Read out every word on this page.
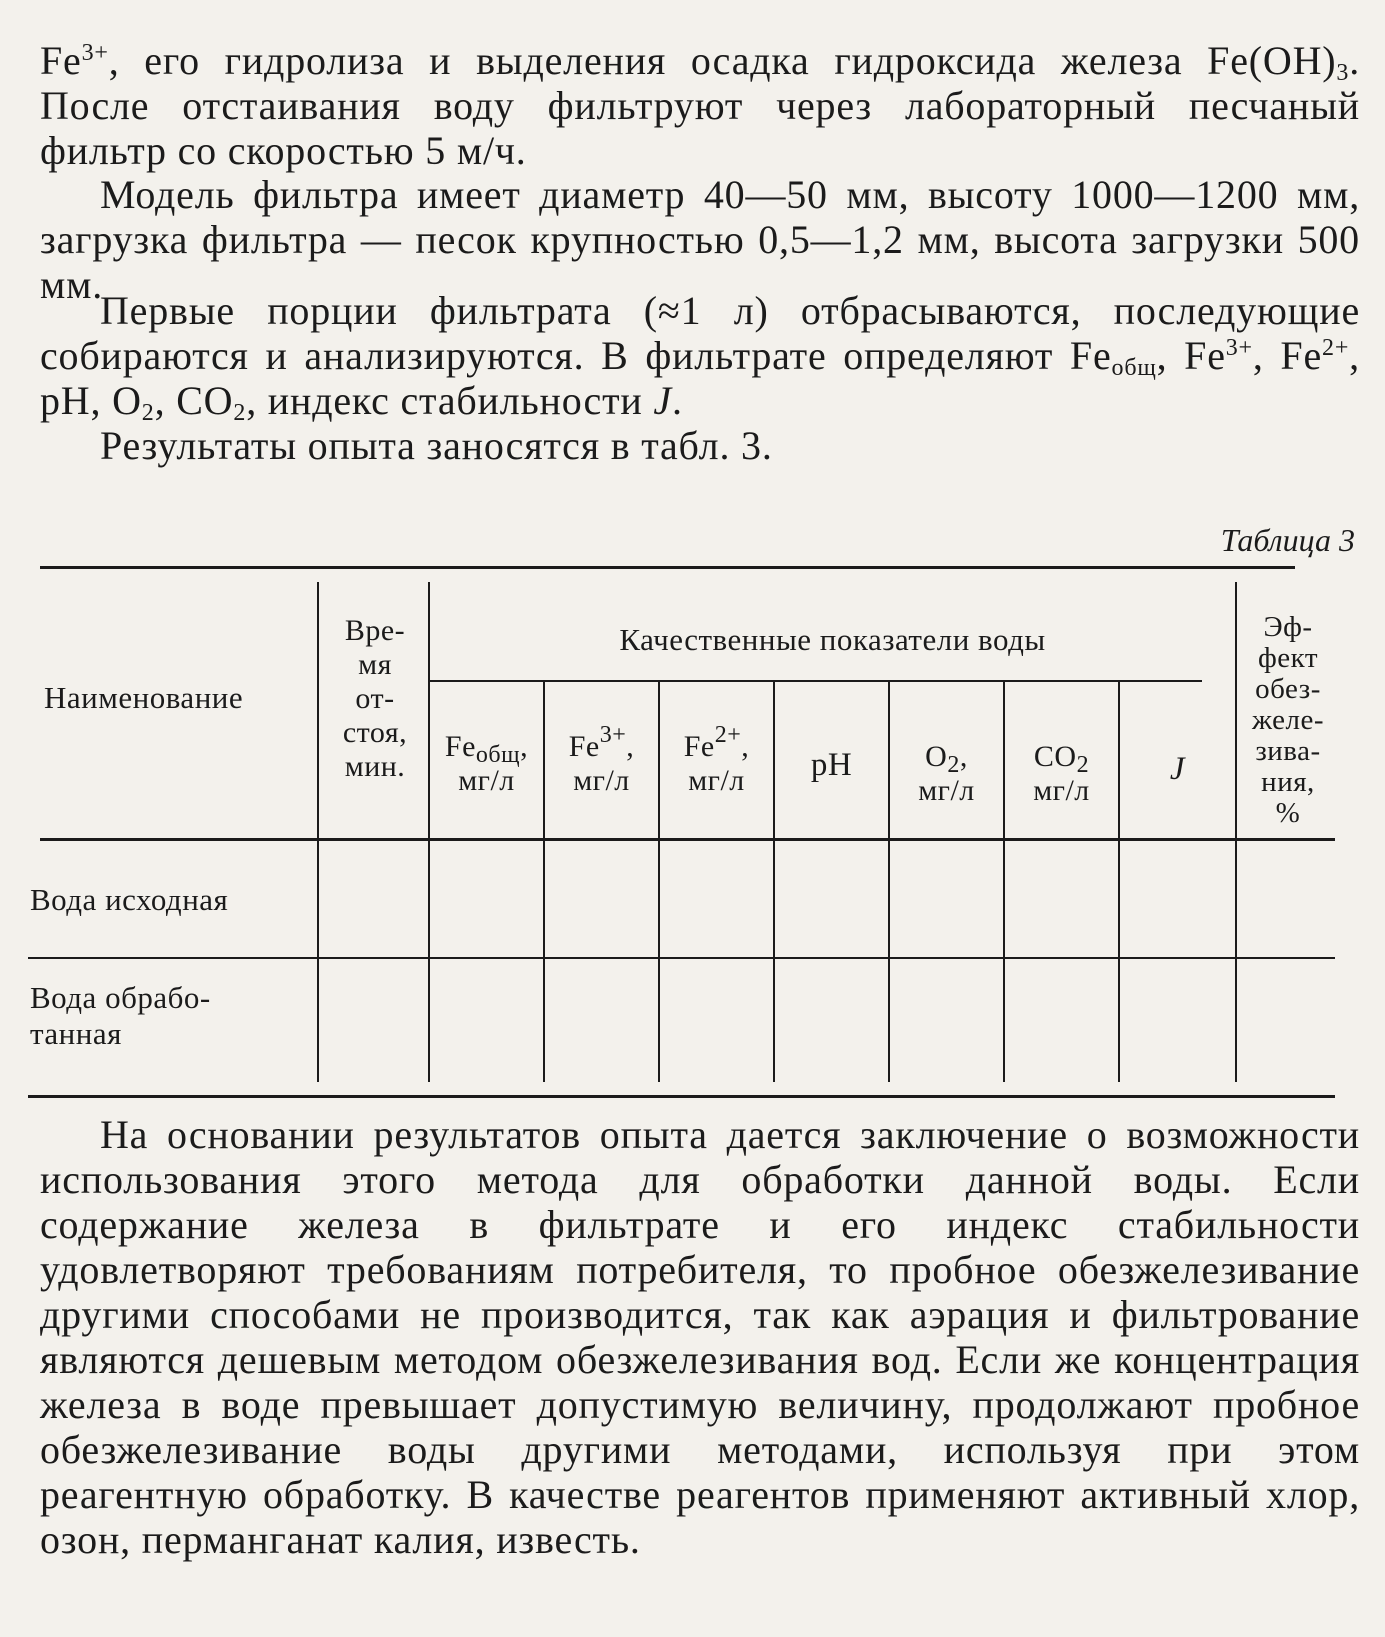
$Fe^{3+}$, его гидролиза и выделения осадка гидроксида железа $Fe(OH)_3$. После отстаивания воду фильтруют через лабораторный песчаный фильтр со скоростью 5 м/ч.

Модель фильтра имеет диаметр 40—50 мм, высоту 1000—1200 мм, загрузка фильтра — песок крупностью 0,5—1,2 мм, высота загрузки 500 мм.

Первые порции фильтрата (≈1 л) отбрасываются, последующие собираются и анализируются. В фильтрате определяют $Fe_{общ}$, $Fe^{3+}$, $Fe^{2+}$, pH, $O_2$, $CO_2$, индекс стабильности J.

Результаты опыта заносятся в табл. 3.

Таблица 3
Наименование
Вре-
мя
от-
стоя,
мин.
Качественные показатели воды
$Fe_{общ}$,
мг/л
$Fe^{3+}$,
мг/л
$Fe^{2+}$,
мг/л	pH	$O_2$,
мг/л
$CO_2$
мг/л
J
Эф-
фект
обез-
желе-
зива-
ния,
%
Вода исходная
Вода обрабо-
танная

На основании результатов опыта дается заключение о возможности использования этого метода для обработки данной воды. Если содержание железа в фильтрате и его индекс стабильности удовлетворяют требованиям потребителя, то пробное обезжелезивание другими способами не производится, так как аэрация и фильтрование являются дешевым методом обезжелезивания вод. Если же концентрация железа в воде превышает допустимую величину, продолжают пробное обезжелезивание воды другими методами, используя при этом реагентную обработку. В качестве реагентов применяют активный хлор, озон, перманганат калия, известь.
